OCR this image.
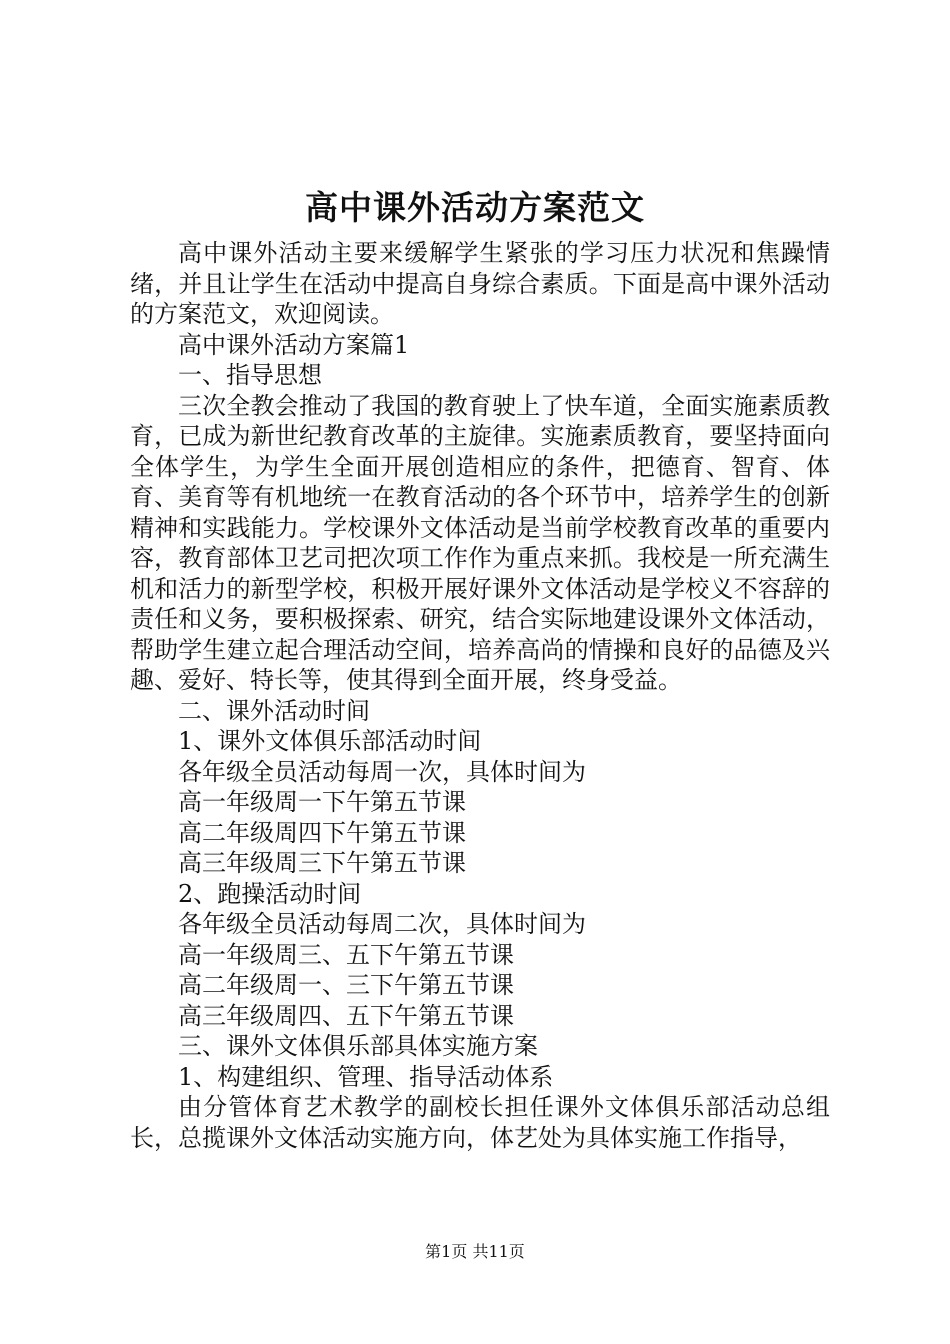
高中课外活动方案范文

高中课外活动主要来缓解学生紧张的学习压力状况和焦躁情绪，并且让学生在活动中提高自身综合素质。下面是高中课外活动的方案范文，欢迎阅读。

高中课外活动方案篇1

一、指导思想

三次全教会推动了我国的教育驶上了快车道，全面实施素质教育，已成为新世纪教育改革的主旋律。实施素质教育，要坚持面向全体学生，为学生全面开展创造相应的条件，把德育、智育、体育、美育等有机地统一在教育活动的各个环节中，培养学生的创新精神和实践能力。学校课外文体活动是当前学校教育改革的重要内容，教育部体卫艺司把次项工作作为重点来抓。我校是一所充满生机和活力的新型学校，积极开展好课外文体活动是学校义不容辞的责任和义务，要积极探索、研究，结合实际地建设课外文体活动，帮助学生建立起合理活动空间，培养高尚的情操和良好的品德及兴趣、爱好、特长等，使其得到全面开展，终身受益。

二、课外活动时间

1、课外文体俱乐部活动时间

各年级全员活动每周一次，具体时间为

高一年级周一下午第五节课

高二年级周四下午第五节课

高三年级周三下午第五节课

2、跑操活动时间

各年级全员活动每周二次，具体时间为

高一年级周三、五下午第五节课

高二年级周一、三下午第五节课

高三年级周四、五下午第五节课

三、课外文体俱乐部具体实施方案

1、构建组织、管理、指导活动体系

由分管体育艺术教学的副校长担任课外文体俱乐部活动总组长，总揽课外文体活动实施方向，体艺处为具体实施工作指导，

第1页 共11页
